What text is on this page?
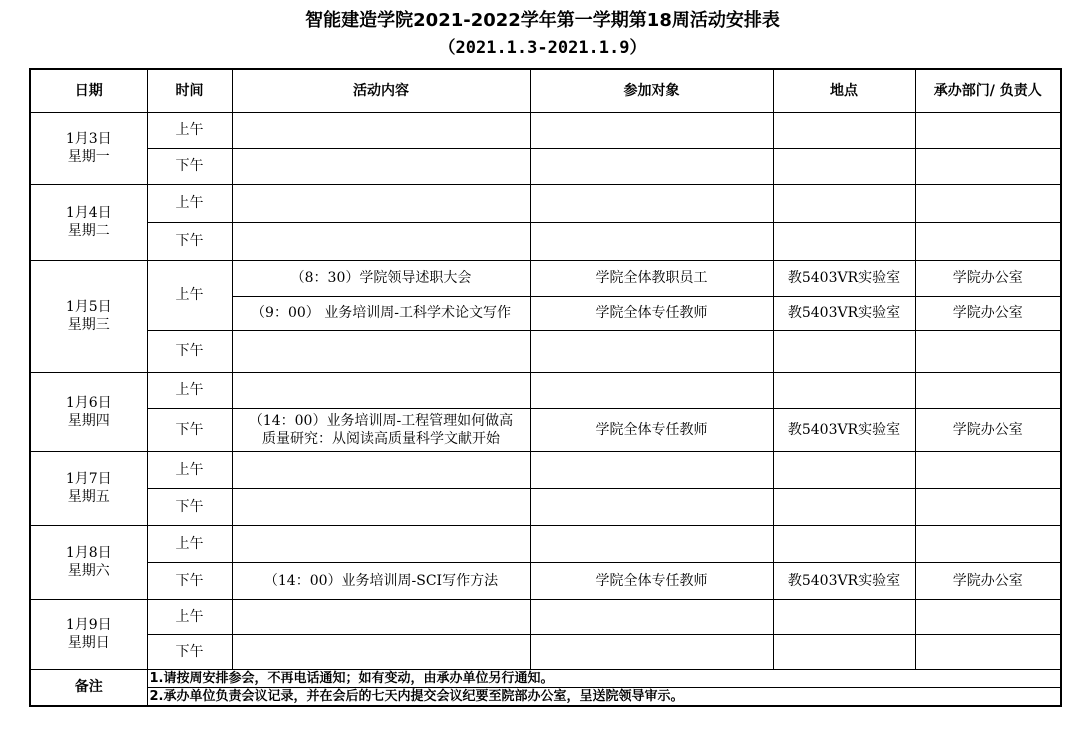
智能建造学院2021-2022学年第一学期第18周活动安排表
（2021.1.3-2021.1.9）
日期	时间	活动内容	参加对象	地点	承办部门/ 负责人

1月3日
星期一	上午				
	下午				

1月4日
星期二	上午				
	下午				

1月5日
星期三	上午	（8：30）学院领导述职大会	学院全体教职员工	教5403VR实验室	学院办公室
		（9：00） 业务培训周-工科学术论文写作	学院全体专任教师	教5403VR实验室	学院办公室
	下午				

1月6日
星期四	上午				
	下午	（14：00）业务培训周-工程管理如何做高
质量研究：从阅读高质量科学文献开始	学院全体专任教师	教5403VR实验室	学院办公室

1月7日
星期五	上午				
	下午				

1月8日
星期六	上午				
	下午	（14：00）业务培训周-SCI写作方法	学院全体专任教师	教5403VR实验室	学院办公室

1月9日
星期日	上午				
	下午				
备注	1.请按周安排参会，不再电话通知；如有变动，由承办单位另行通知。
2.承办单位负责会议记录，并在会后的七天内提交会议纪要至院部办公室，呈送院领导审示。				
